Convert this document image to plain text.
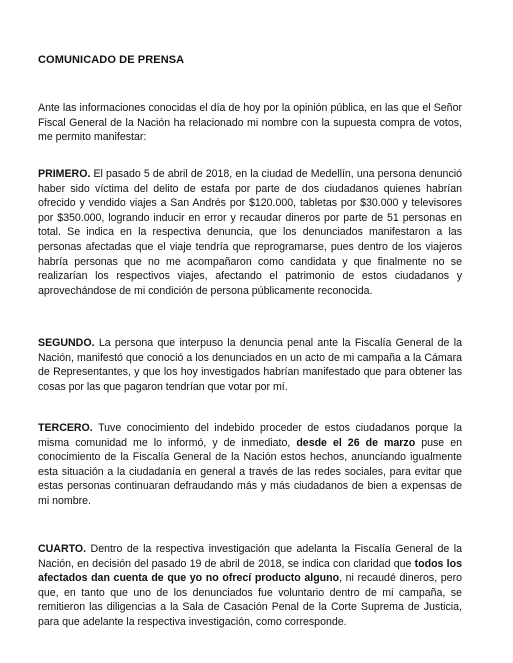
COMUNICADO DE PRENSA
Ante las informaciones conocidas el día de hoy por la opinión pública, en las que el Señor Fiscal General de la Nación ha relacionado mi nombre con la supuesta compra de votos, me permito manifestar:
PRIMERO. El pasado 5 de abril de 2018, en la ciudad de Medellín, una persona denunció haber sido víctima del delito de estafa por parte de dos ciudadanos quienes habrían ofrecido y vendido viajes a San Andrés por $120.000, tabletas por $30.000 y televisores por $350.000, logrando inducir en error y recaudar dineros por parte de 51 personas en total. Se indica en la respectiva denuncia, que los denunciados manifestaron a las personas afectadas que el viaje tendría que reprogramarse, pues dentro de los viajeros habría personas que no me acompañaron como candidata y que finalmente no se realizarían los respectivos viajes, afectando el patrimonio de estos ciudadanos y aprovechándose de mi condición de persona públicamente reconocida.
SEGUNDO. La persona que interpuso la denuncia penal ante la Fiscalía General de la Nación, manifestó que conoció a los denunciados en un acto de mi campaña a la Cámara de Representantes, y que los hoy investigados habrían manifestado que para obtener las cosas por las que pagaron tendrían que votar por mí.
TERCERO. Tuve conocimiento del indebido proceder de estos ciudadanos porque la misma comunidad me lo informó, y de inmediato, desde el 26 de marzo puse en conocimiento de la Fiscalía General de la Nación estos hechos, anunciando igualmente esta situación a la ciudadanía en general a través de las redes sociales, para evitar que estas personas continuaran defraudando más y más ciudadanos de bien a expensas de mi nombre.
CUARTO. Dentro de la respectiva investigación que adelanta la Fiscalía General de la Nación, en decisión del pasado 19 de abril de 2018, se indica con claridad que todos los afectados dan cuenta de que yo no ofrecí producto alguno, ni recaudé dineros, pero que, en tanto que uno de los denunciados fue voluntario dentro de mi campaña, se remitieron las diligencias a la Sala de Casación Penal de la Corte Suprema de Justicia, para que adelante la respectiva investigación, como corresponde.
